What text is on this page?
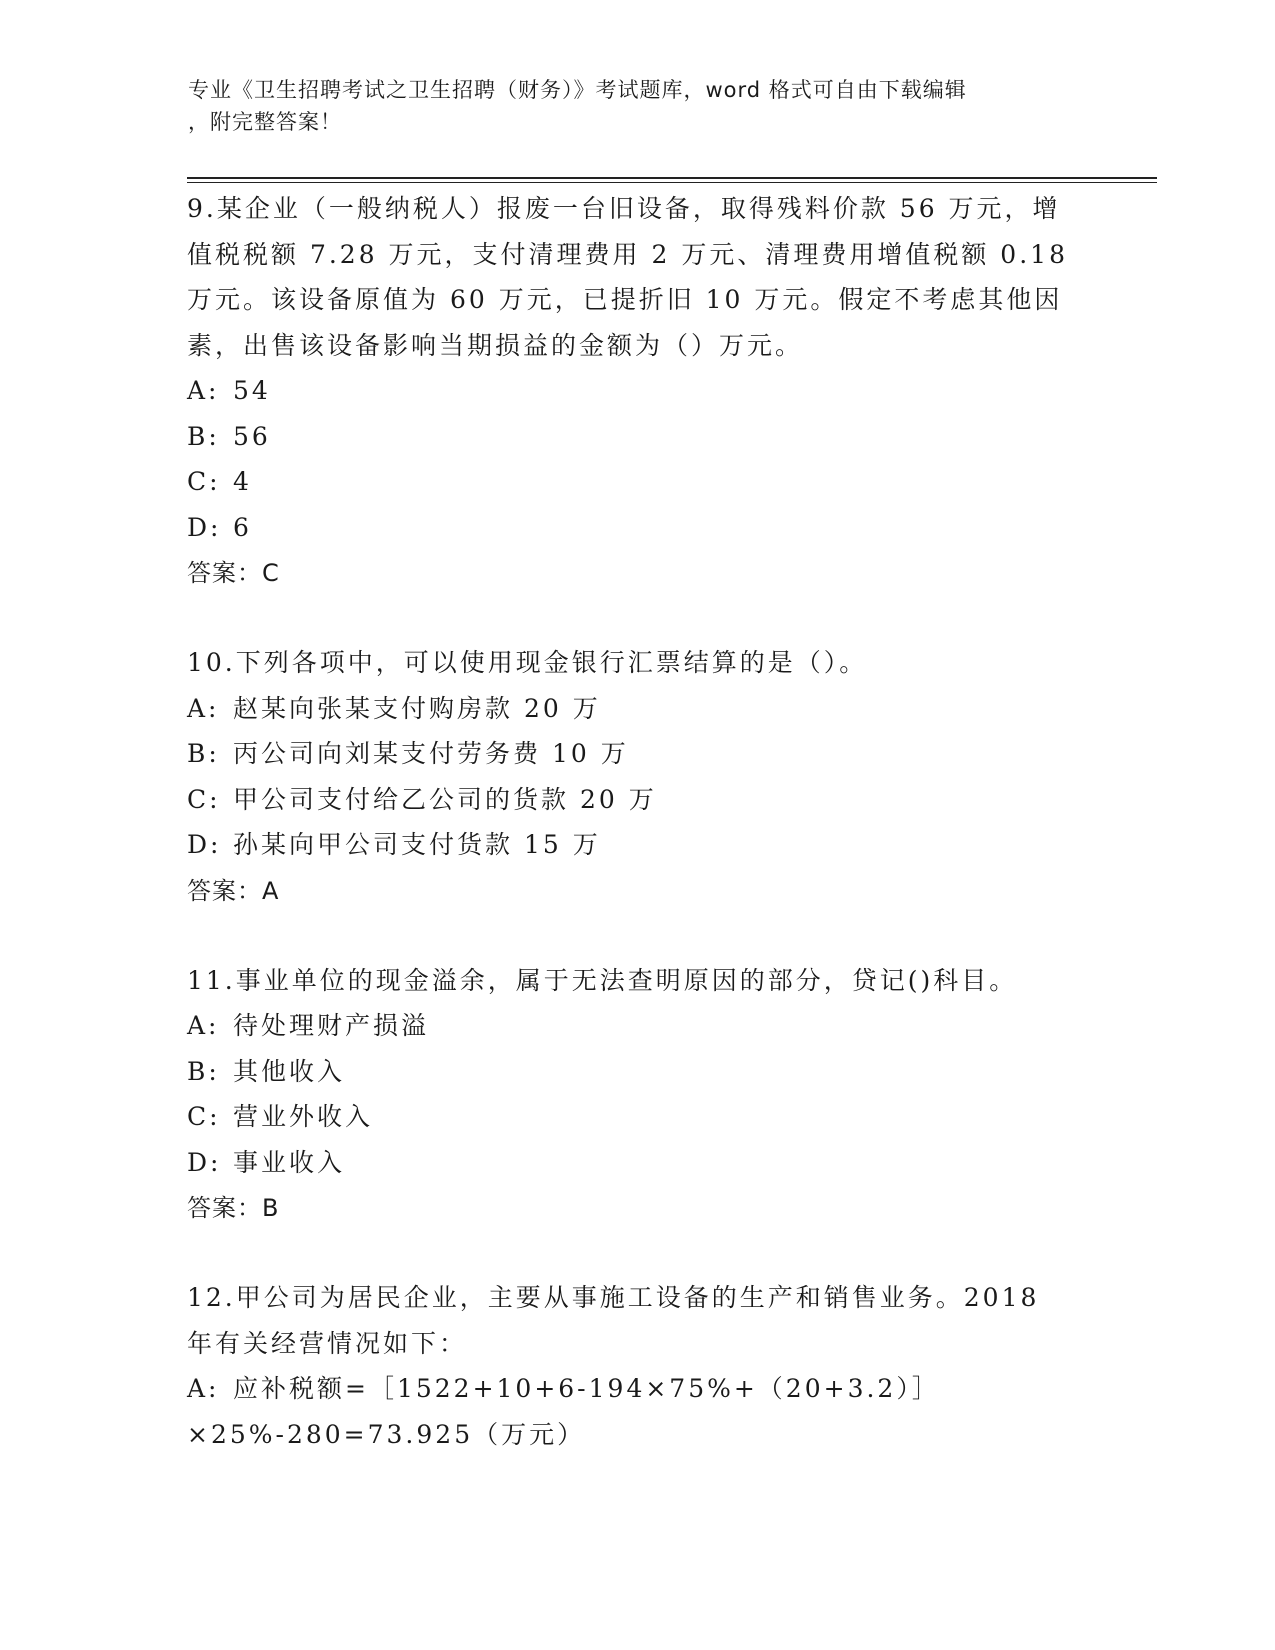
专业《卫生招聘考试之卫生招聘（财务）》考试题库，word 格式可自由下载编辑
，附完整答案！
9.某企业（一般纳税人）报废一台旧设备，取得残料价款 56 万元，增值税税额 7.28 万元，支付清理费用 2 万元、清理费用增值税额 0.18 万元。该设备原值为 60 万元，已提折旧 10 万元。假定不考虑其他因素，出售该设备影响当期损益的金额为（）万元。
A: 54
B: 56
C: 4
D: 6
答案：C
10.下列各项中，可以使用现金银行汇票结算的是（）。
A: 赵某向张某支付购房款 20 万
B: 丙公司向刘某支付劳务费 10 万
C: 甲公司支付给乙公司的货款 20 万
D: 孙某向甲公司支付货款 15 万
答案：A
11.事业单位的现金溢余，属于无法查明原因的部分，贷记()科目。
A: 待处理财产损溢
B: 其他收入
C: 营业外收入
D: 事业收入
答案：B
12.甲公司为居民企业，主要从事施工设备的生产和销售业务。2018 年有关经营情况如下：
A: 应补税额=［1522+10+6-194×75%+（20+3.2）］×25%-280=73.925（万元）
